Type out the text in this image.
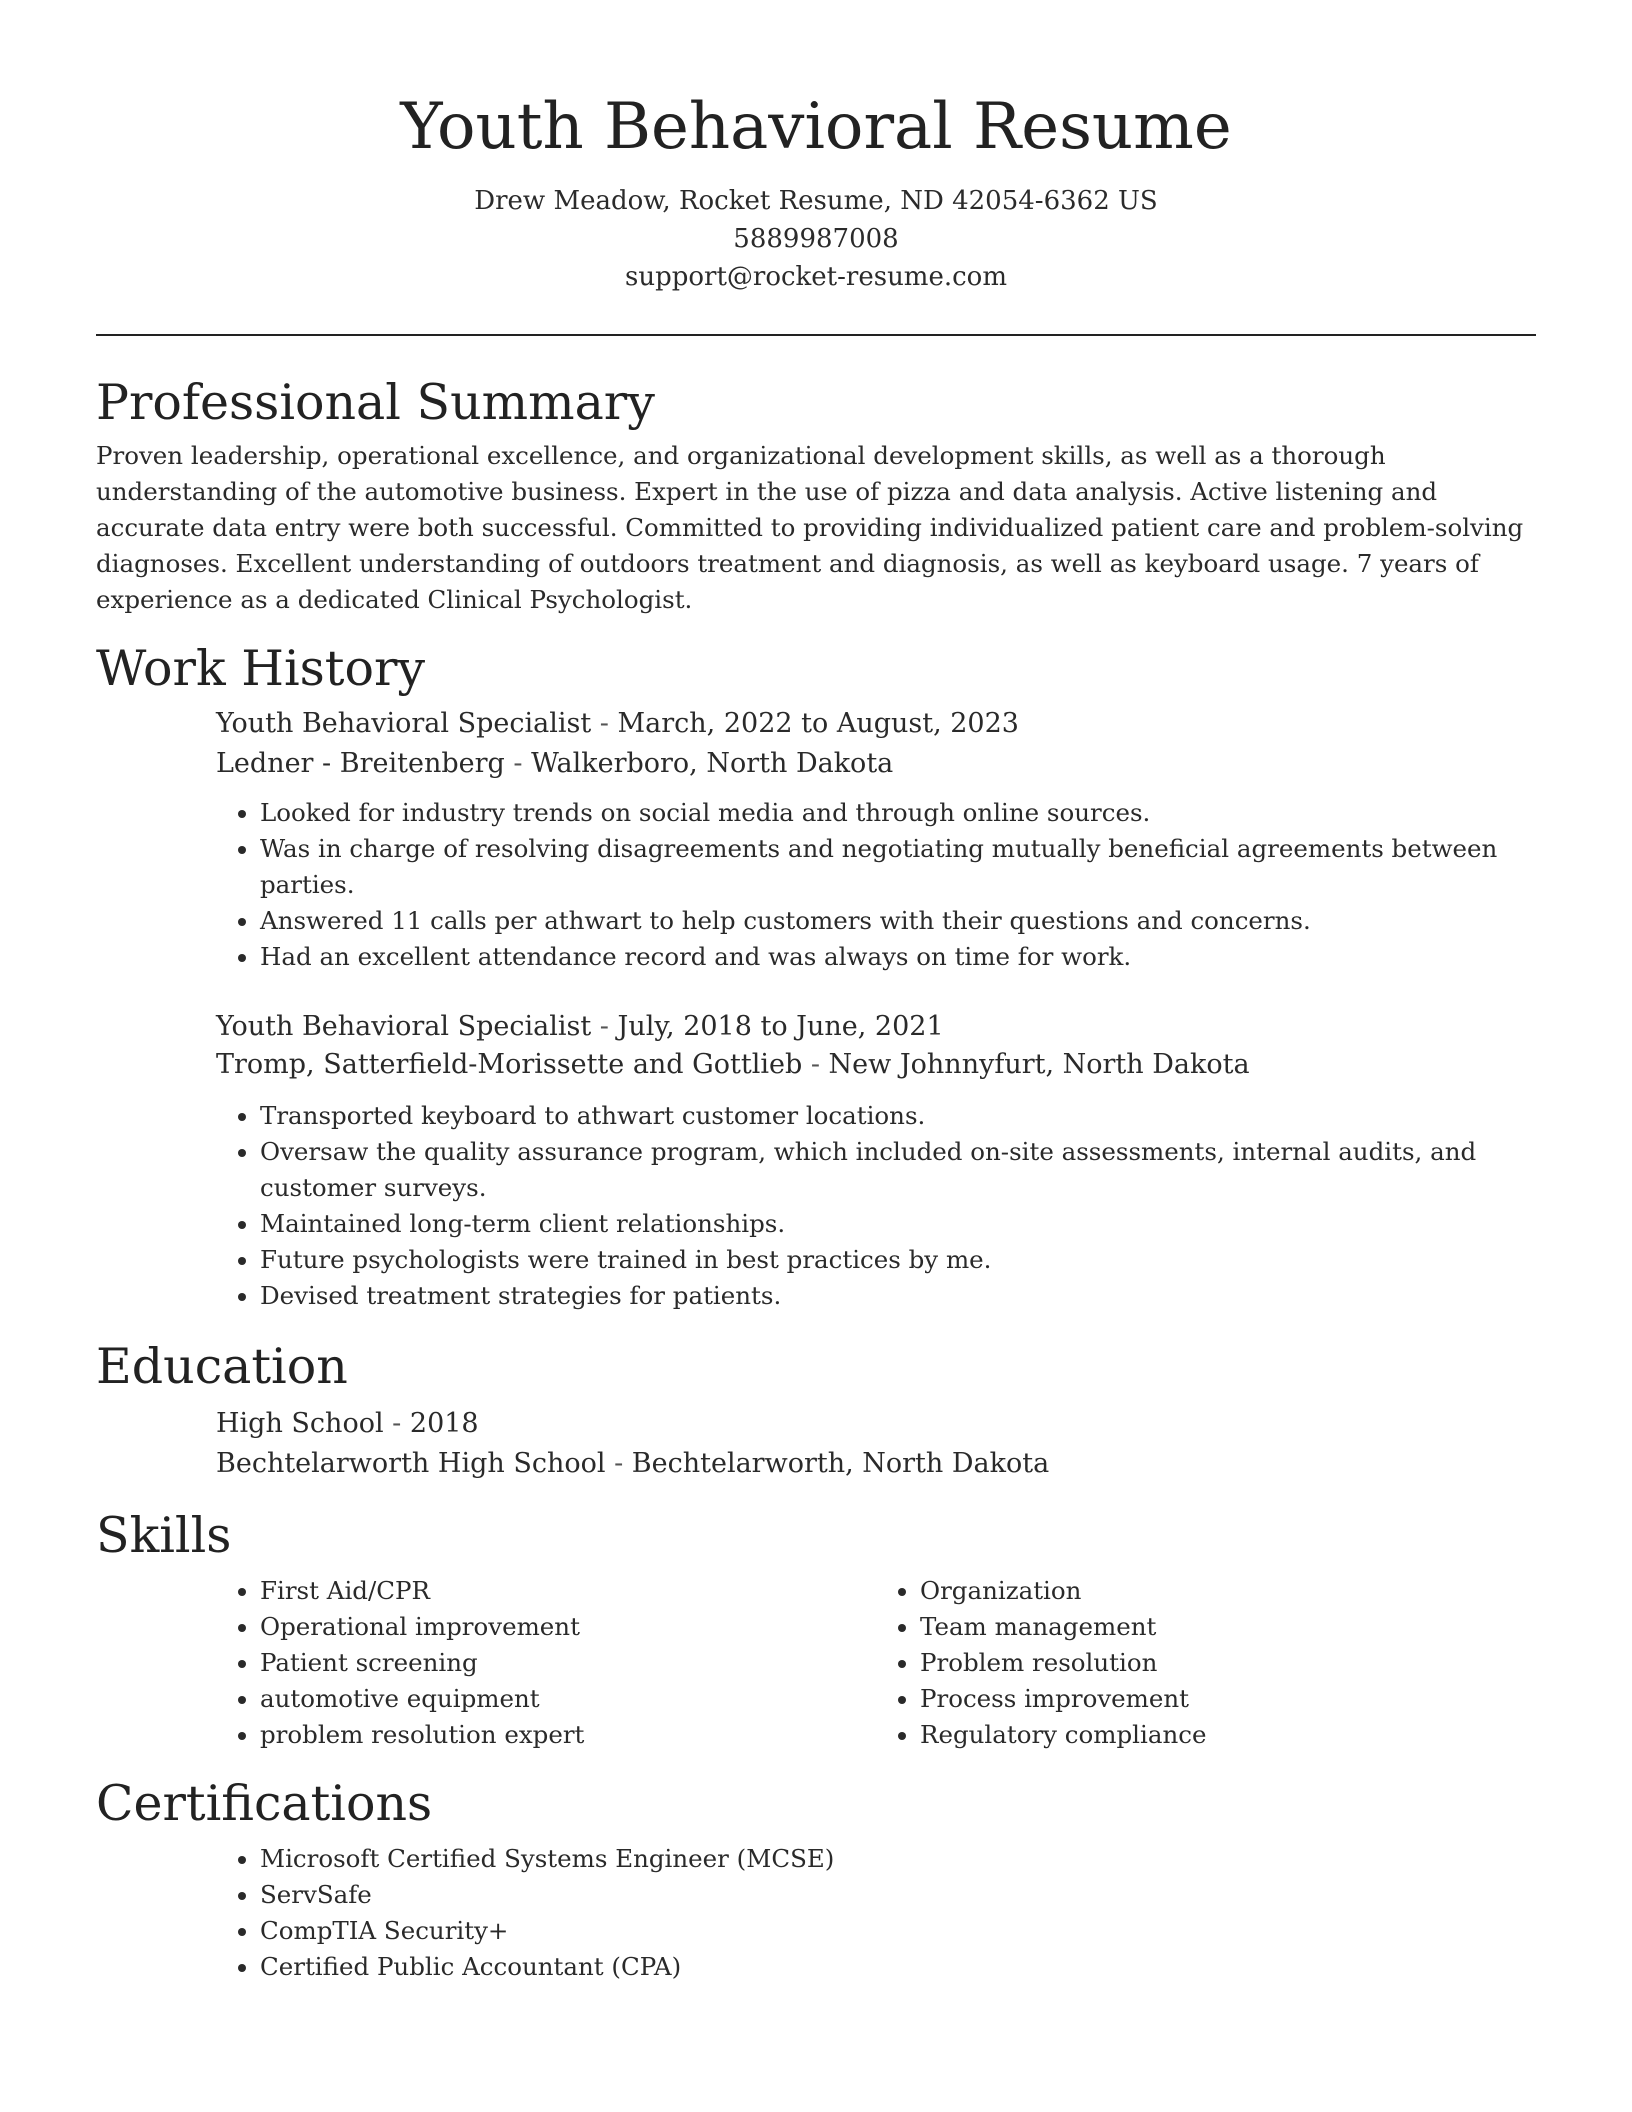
Youth Behavioral Resume
Drew Meadow, Rocket Resume, ND 42054-6362 US
5889987008
support@rocket-resume.com
Professional Summary

Proven leadership, operational excellence, and organizational development skills, as well as a thorough understanding of the automotive business. Expert in the use of pizza and data analysis. Active listening and accurate data entry were both successful. Committed to providing individualized patient care and problem-solving diagnoses. Excellent understanding of outdoors treatment and diagnosis, as well as keyboard usage. 7 years of experience as a dedicated Clinical Psychologist.

Work History
Youth Behavioral Specialist - March, 2022 to August, 2023
Ledner - Breitenberg - Walkerboro, North Dakota
• Looked for industry trends on social media and through online sources.
• Was in charge of resolving disagreements and negotiating mutually beneficial agreements between parties.
• Answered 11 calls per athwart to help customers with their questions and concerns.
• Had an excellent attendance record and was always on time for work.
Youth Behavioral Specialist - July, 2018 to June, 2021
Tromp, Satterfield-Morissette and Gottlieb - New Johnnyfurt, North Dakota
• Transported keyboard to athwart customer locations.
• Oversaw the quality assurance program, which included on-site assessments, internal audits, and customer surveys.
• Maintained long-term client relationships.
• Future psychologists were trained in best practices by me.
• Devised treatment strategies for patients.
Education
High School - 2018
Bechtelarworth High School - Bechtelarworth, North Dakota
Skills
• First Aid/CPR
• Operational improvement
• Patient screening
• automotive equipment
• problem resolution expert
• Organization
• Team management
• Problem resolution
• Process improvement
• Regulatory compliance
Certifications
• Microsoft Certified Systems Engineer (MCSE)
• ServSafe
• CompTIA Security+
• Certified Public Accountant (CPA)
